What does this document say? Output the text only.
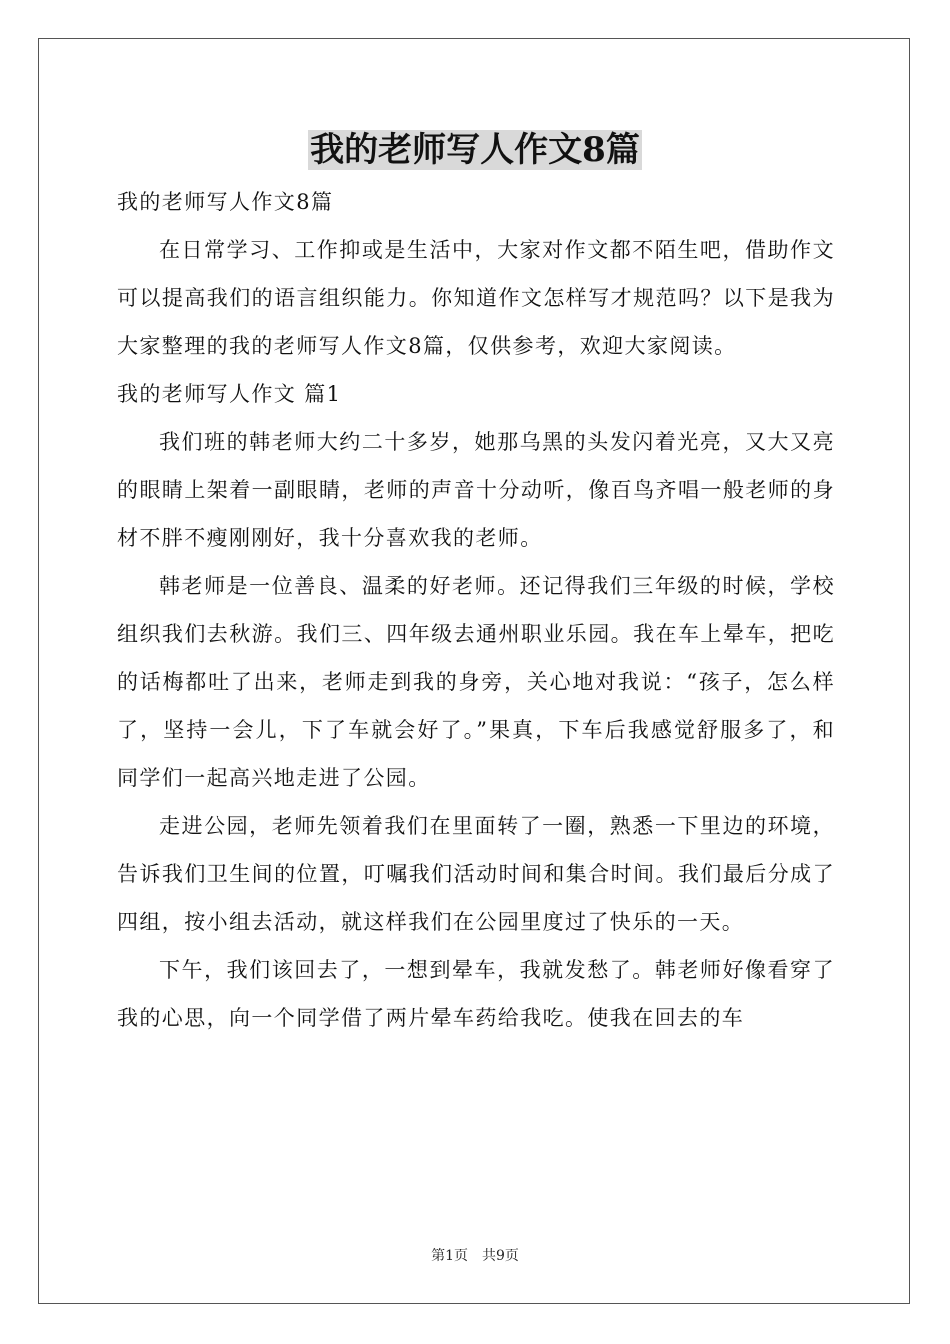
我的老师写人作文8篇

我的老师写人作文8篇

在日常学习、工作抑或是生活中，大家对作文都不陌生吧，借助作文可以提高我们的语言组织能力。你知道作文怎样写才规范吗？以下是我为大家整理的我的老师写人作文8篇，仅供参考，欢迎大家阅读。

我的老师写人作文 篇1

我们班的韩老师大约二十多岁，她那乌黑的头发闪着光亮，又大又亮的眼睛上架着一副眼睛，老师的声音十分动听，像百鸟齐唱一般老师的身材不胖不瘦刚刚好，我十分喜欢我的老师。

韩老师是一位善良、温柔的好老师。还记得我们三年级的时候，学校组织我们去秋游。我们三、四年级去通州职业乐园。我在车上晕车，把吃的话梅都吐了出来，老师走到我的身旁，关心地对我说：“孩子，怎么样了，坚持一会儿，下了车就会好了。”果真，下车后我感觉舒服多了，和同学们一起高兴地走进了公园。

走进公园，老师先领着我们在里面转了一圈，熟悉一下里边的环境，告诉我们卫生间的位置，叮嘱我们活动时间和集合时间。我们最后分成了四组，按小组去活动，就这样我们在公园里度过了快乐的一天。

下午，我们该回去了，一想到晕车，我就发愁了。韩老师好像看穿了我的心思，向一个同学借了两片晕车药给我吃。使我在回去的车

第1页　共9页
